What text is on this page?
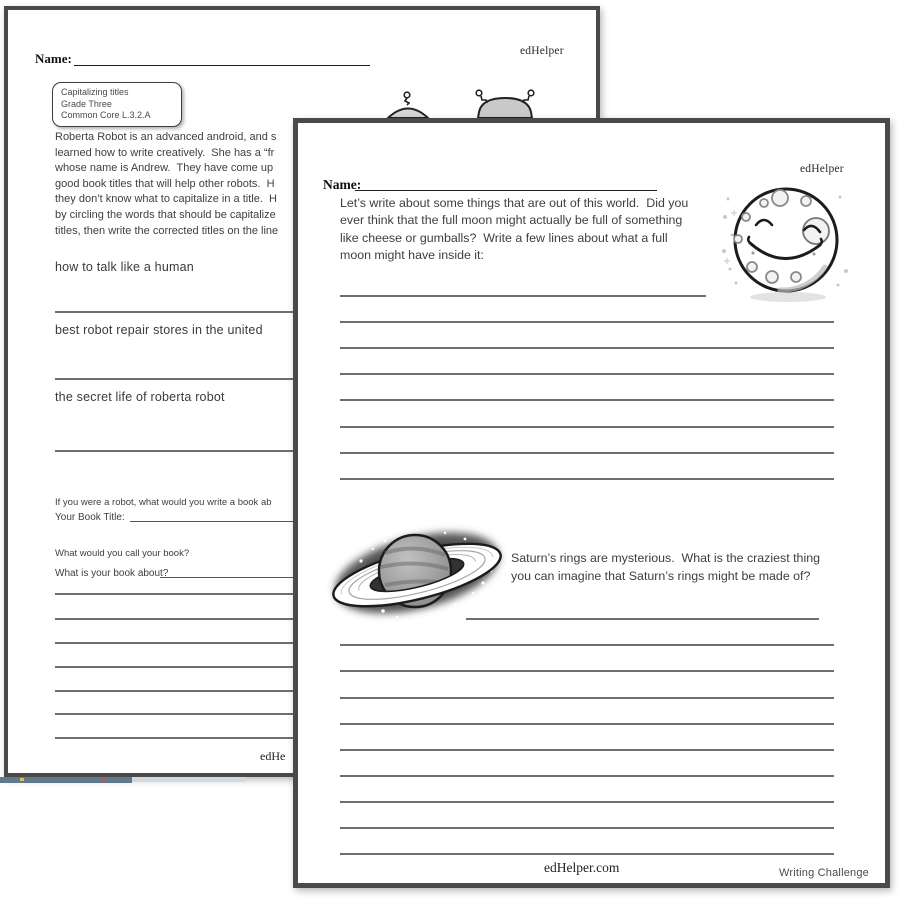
edHelper
Name:
Capitalizing titles
Grade Three
Common Core L.3.2.A
Roberta Robot is an advanced android, and s
learned how to write creatively.  She has a “fr
whose name is Andrew.  They have come up
good book titles that will help other robots.  H
they don’t know what to capitalize in a title.  H
by circling the words that should be capitalize
titles, then write the corrected titles on the line
how to talk like a human
best robot repair stores in the united
the secret life of roberta robot

If you were a robot, what would you write a book ab

What would you call your book?

Your Book Title:
What is your book about?
edHe
edHelper
Name:
Let’s write about some things that are out of this world.  Did you
ever think that the full moon might actually be full of something
like cheese or gumballs?  Write a few lines about what a full
moon might have inside it:
Saturn’s rings are mysterious.  What is the craziest thing
you can imagine that Saturn’s rings might be made of?
edHelper.com	Writing Challenge
